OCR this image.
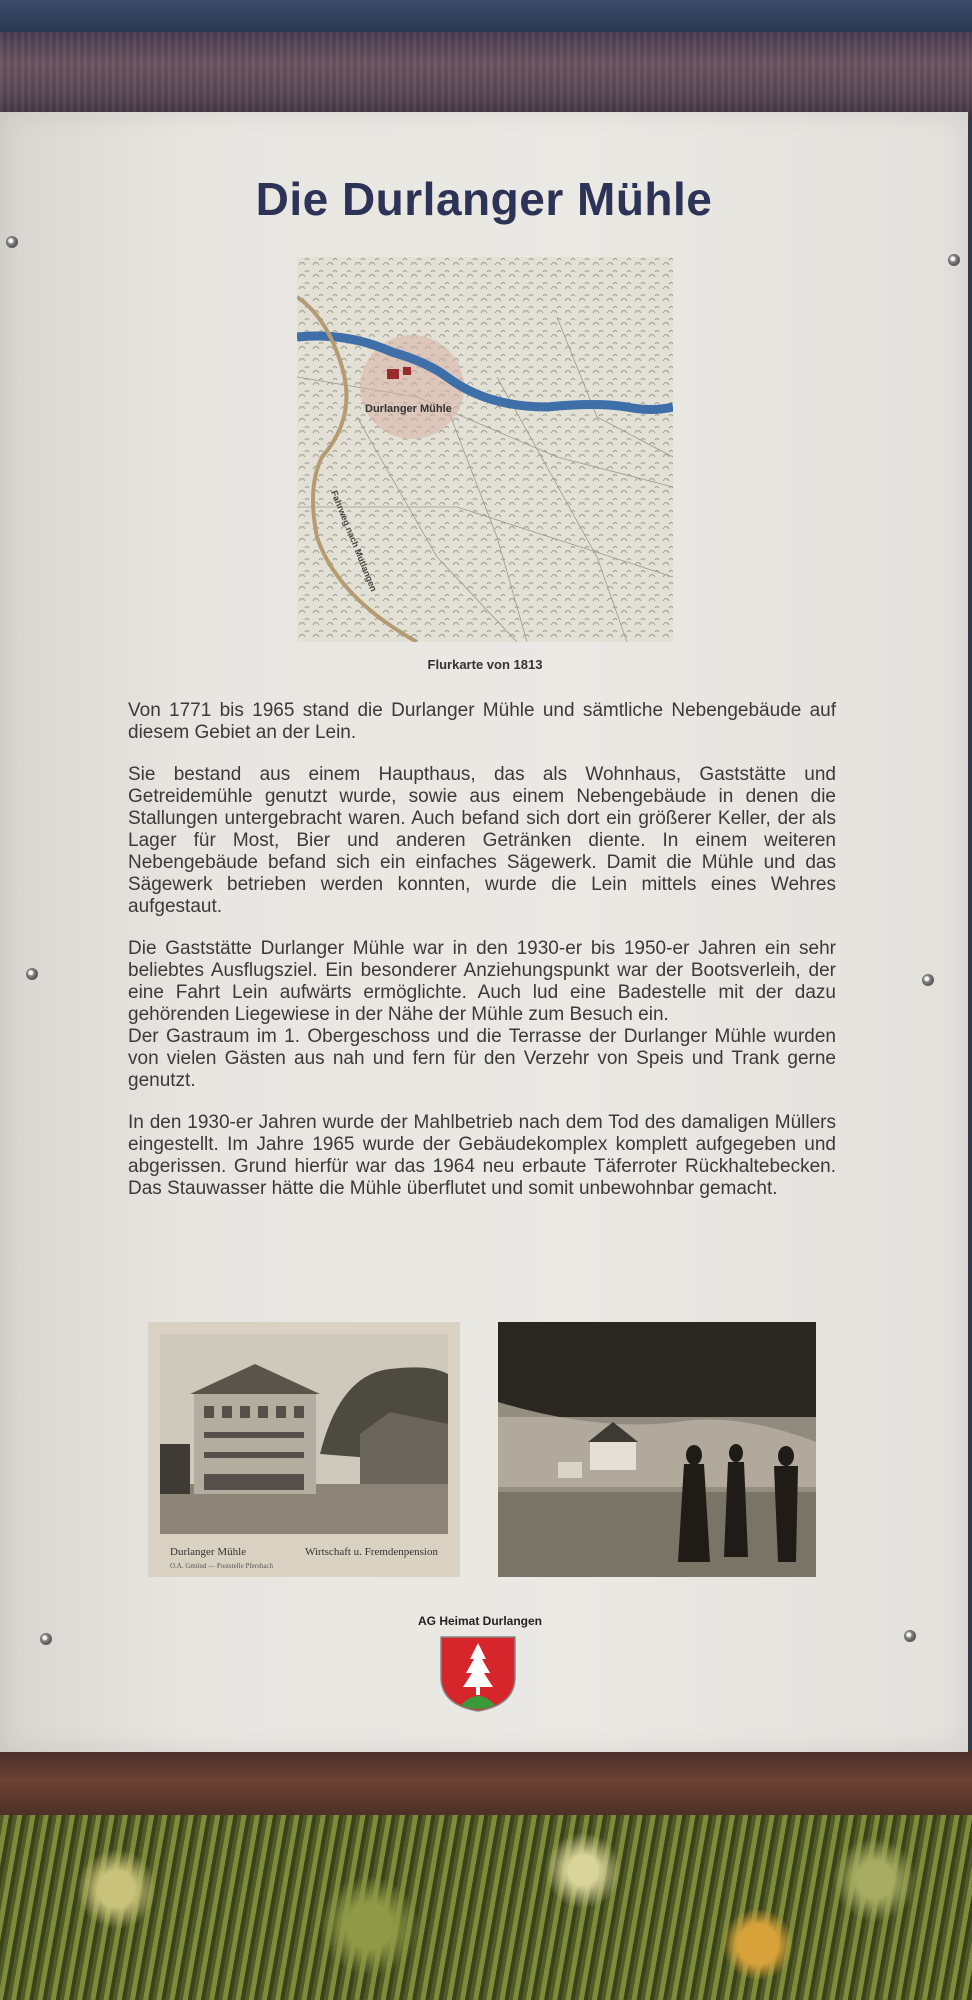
Die Durlanger Mühle
Durlanger Mühle
Fahrweg nach Mutlangen
Flurkarte von 1813

Von 1771 bis 1965 stand die Durlanger Mühle und sämtliche Nebengebäude auf diesem Gebiet an der Lein.

Sie bestand aus einem Haupthaus, das als Wohnhaus, Gaststätte und Getreidemühle genutzt wurde, sowie aus einem Nebengebäude in denen die Stallungen untergebracht waren. Auch befand sich dort ein größerer Keller, der als Lager für Most, Bier und anderen Getränken diente. In einem weiteren Nebengebäude befand sich ein einfaches Sägewerk. Damit die Mühle und das Sägewerk betrieben werden konnten, wurde die Lein mittels eines Wehres aufgestaut.

Die Gaststätte Durlanger Mühle war in den 1930-er bis 1950-er Jahren ein sehr beliebtes Ausflugsziel. Ein besonderer Anziehungspunkt war der Bootsverleih, der eine Fahrt Lein aufwärts ermöglichte. Auch lud eine Badestelle mit der dazu gehörenden Liegewiese in der Nähe der Mühle zum Besuch ein.

Der Gastraum im 1. Obergeschoss und die Terrasse der Durlanger Mühle wurden von vielen Gästen aus nah und fern für den Verzehr von Speis und Trank gerne genutzt.

In den 1930-er Jahren wurde der Mahlbetrieb nach dem Tod des damaligen Müllers eingestellt. Im Jahre 1965 wurde der Gebäudekomplex komplett aufgegeben und abgerissen. Grund hierfür war das 1964 neu erbaute Täferroter Rückhaltebecken. Das Stauwasser hätte die Mühle überflutet und somit unbewohnbar gemacht.

Durlanger Mühle	Wirtschaft u. Fremdenpension
O.A. Gmünd — Poststelle Pfersbach
AG Heimat Durlangen
